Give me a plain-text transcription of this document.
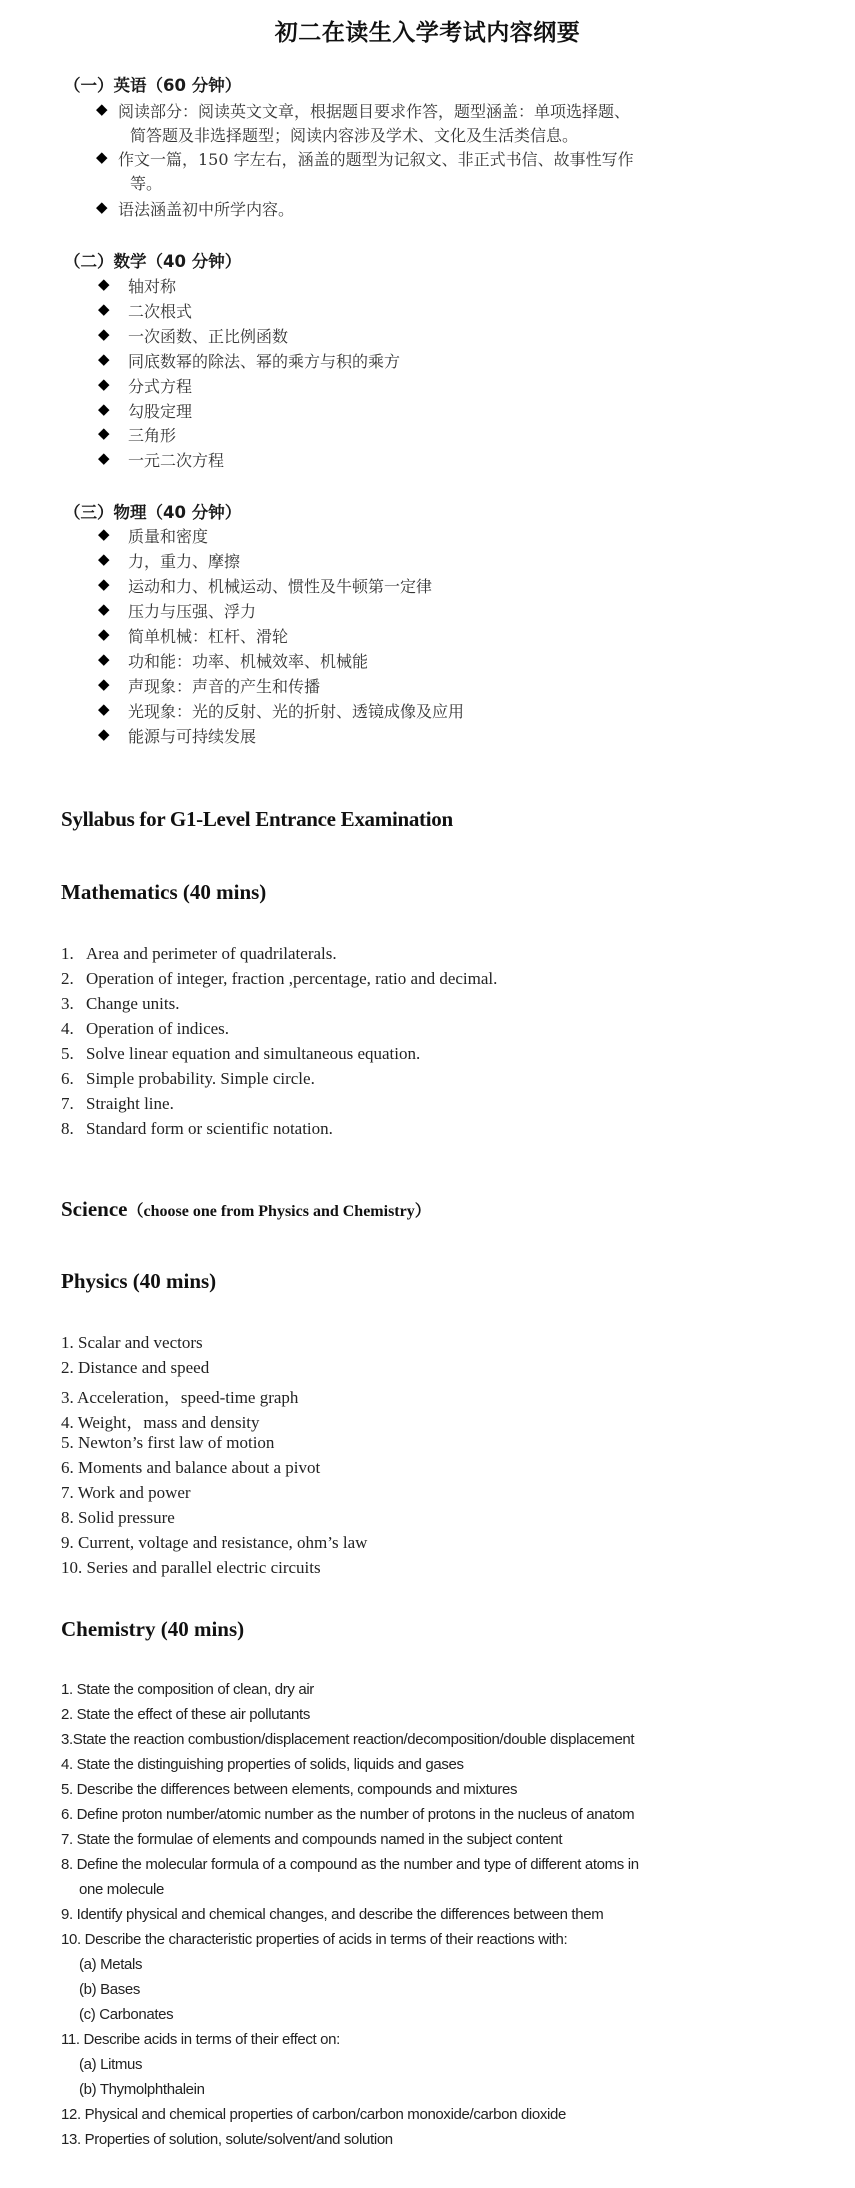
初二在读生入学考试内容纲要
（一）英语（60 分钟）
◆ 阅读部分：阅读英文文章，根据题目要求作答，题型涵盖：单项选择题、
简答题及非选择题型；阅读内容涉及学术、文化及生活类信息。
◆ 作文一篇，150 字左右，涵盖的题型为记叙文、非正式书信、故事性写作
等。
◆ 语法涵盖初中所学内容。
（二）数学（40 分钟）
◆ 轴对称
◆ 二次根式
◆ 一次函数、正比例函数
◆ 同底数幂的除法、幂的乘方与积的乘方
◆ 分式方程
◆ 勾股定理
◆ 三角形
◆ 一元二次方程
（三）物理（40 分钟）
◆ 质量和密度
◆ 力，重力、摩擦
◆ 运动和力、机械运动、惯性及牛顿第一定律
◆ 压力与压强、浮力
◆ 简单机械：杠杆、滑轮
◆ 功和能：功率、机械效率、机械能
◆ 声现象：声音的产生和传播
◆ 光现象：光的反射、光的折射、透镜成像及应用
◆ 能源与可持续发展
Syllabus for G1-Level Entrance Examination
Mathematics (40 mins)
1. Area and perimeter of quadrilaterals.
2. Operation of integer, fraction ,percentage, ratio and decimal.
3. Change units.
4. Operation of indices.
5. Solve linear equation and simultaneous equation.
6. Simple probability. Simple circle.
7. Straight line.
8. Standard form or scientific notation.
Science（choose one from Physics and Chemistry）
Physics (40 mins)
1. Scalar and vectors
2. Distance and speed
3. Acceleration，speed-time graph
4. Weight，mass and density
5. Newton’s first law of motion
6. Moments and balance about a pivot
7. Work and power
8. Solid pressure
9. Current, voltage and resistance, ohm’s law
10. Series and parallel electric circuits
Chemistry (40 mins)
1. State the composition of clean, dry air
2. State the effect of these air pollutants
3.State the reaction combustion/displacement reaction/decomposition/double displacement
4. State the distinguishing properties of solids, liquids and gases
5. Describe the differences between elements, compounds and mixtures
6. Define proton number/atomic number as the number of protons in the nucleus of anatom
7. State the formulae of elements and compounds named in the subject content
8. Define the molecular formula of a compound as the number and type of different atoms in
one molecule
9. Identify physical and chemical changes, and describe the differences between them
10. Describe the characteristic properties of acids in terms of their reactions with:
(a) Metals
(b) Bases
(c) Carbonates
11. Describe acids in terms of their effect on:
(a) Litmus
(b) Thymolphthalein
12. Physical and chemical properties of carbon/carbon monoxide/carbon dioxide
13. Properties of solution, solute/solvent/and solution
